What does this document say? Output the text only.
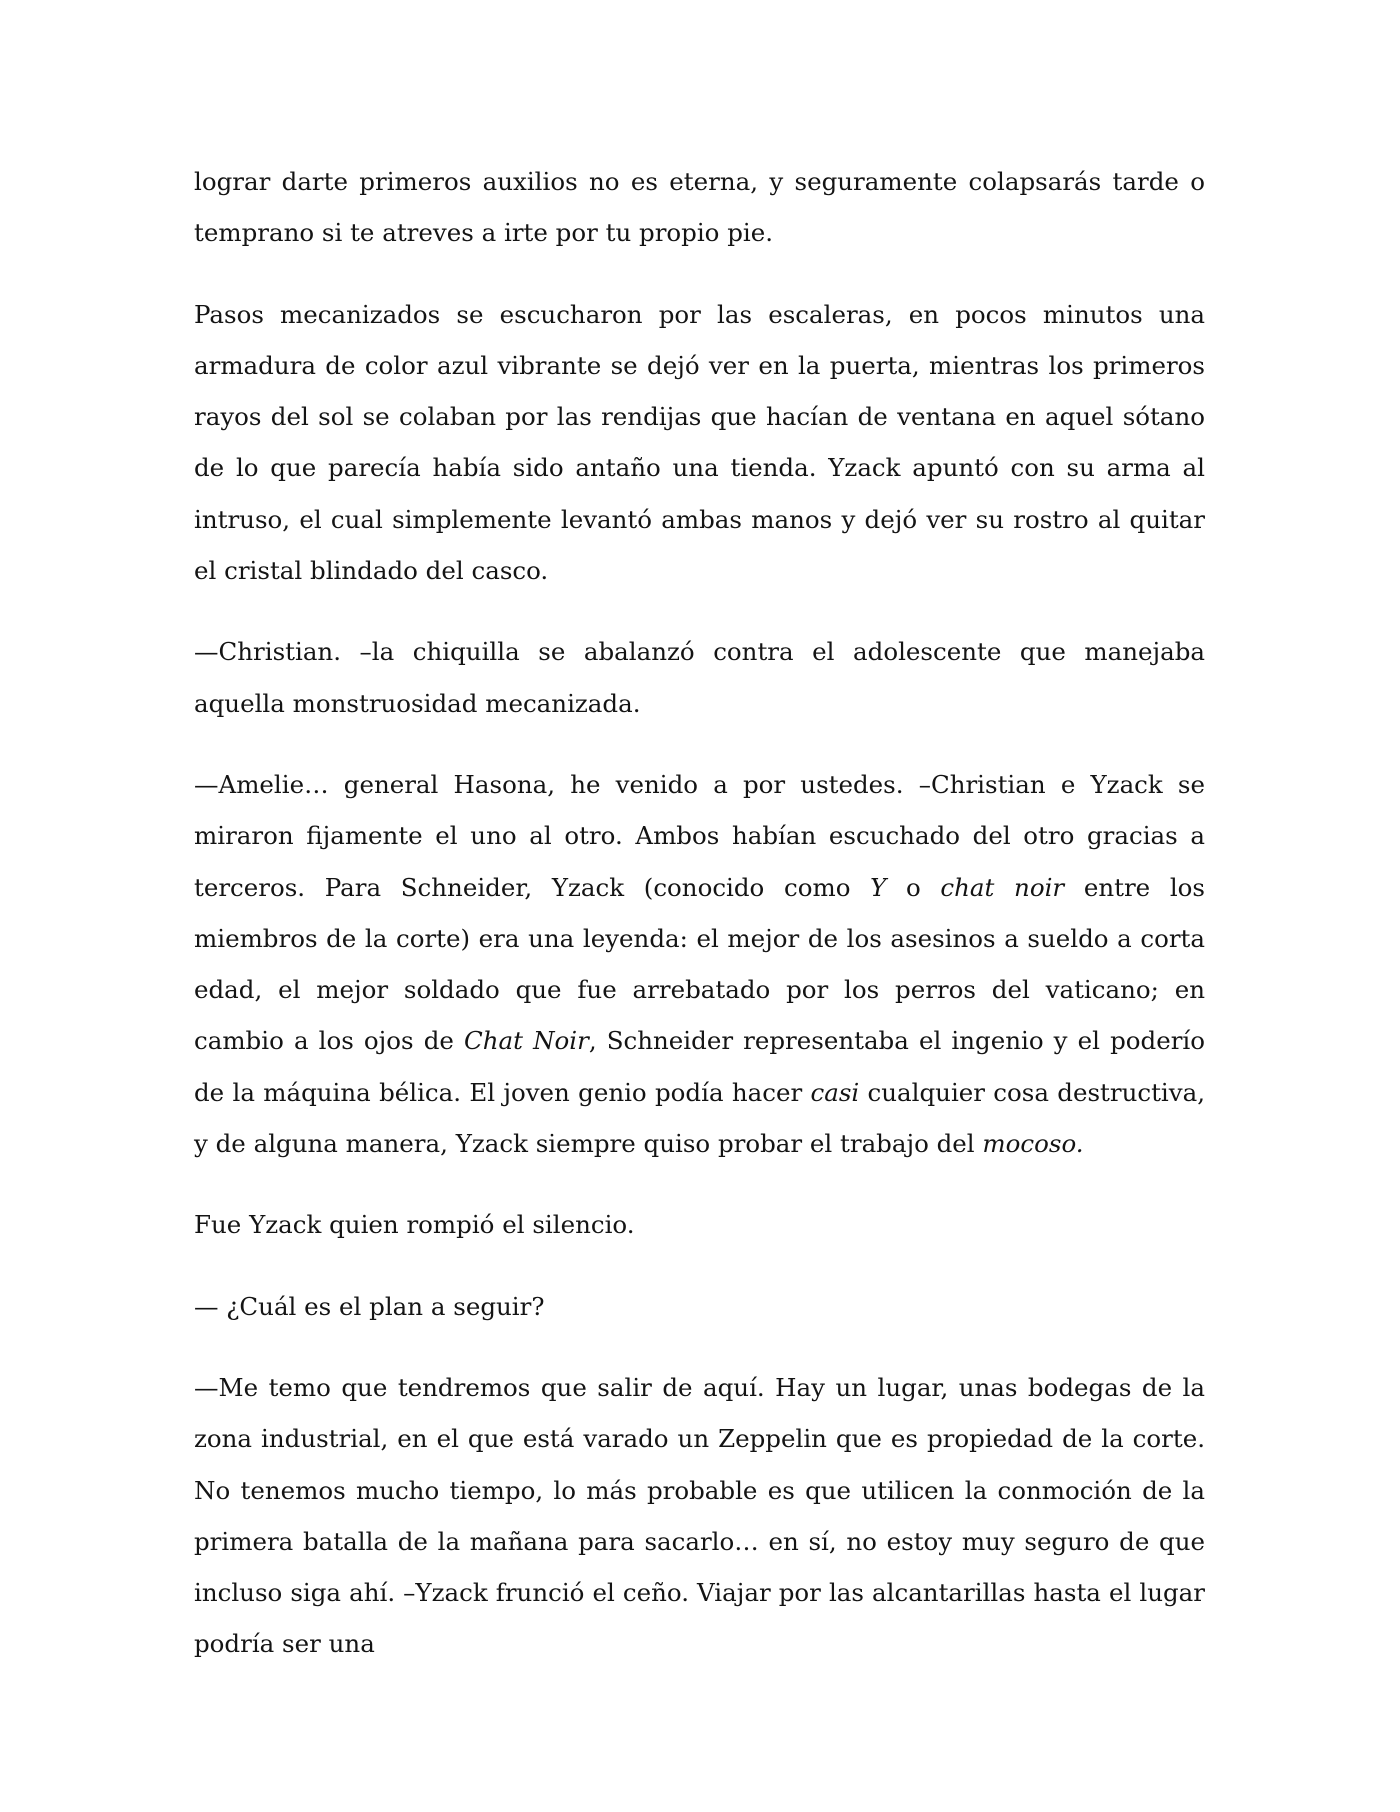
lograr darte primeros auxilios no es eterna, y seguramente colapsarás tarde o temprano si te atreves a irte por tu propio pie.

Pasos mecanizados se escucharon por las escaleras, en pocos minutos una armadura de color azul vibrante se dejó ver en la puerta, mientras los primeros rayos del sol se colaban por las rendijas que hacían de ventana en aquel sótano de lo que parecía había sido antaño una tienda. Yzack apuntó con su arma al intruso, el cual simplemente levantó ambas manos y dejó ver su rostro al quitar el cristal blindado del casco.

—Christian. –la chiquilla se abalanzó contra el adolescente que manejaba aquella monstruosidad mecanizada.

—Amelie… general Hasona, he venido a por ustedes. –Christian e Yzack se miraron fijamente el uno al otro. Ambos habían escuchado del otro gracias a terceros. Para Schneider, Yzack (conocido como Y o chat noir entre los miembros de la corte) era una leyenda: el mejor de los asesinos a sueldo a corta edad, el mejor soldado que fue arrebatado por los perros del vaticano; en cambio a los ojos de Chat Noir, Schneider representaba el ingenio y el poderío de la máquina bélica. El joven genio podía hacer casi cualquier cosa destructiva, y de alguna manera, Yzack siempre quiso probar el trabajo del mocoso.

Fue Yzack quien rompió el silencio.

— ¿Cuál es el plan a seguir?

—Me temo que tendremos que salir de aquí. Hay un lugar, unas bodegas de la zona industrial, en el que está varado un Zeppelin que es propiedad de la corte. No tenemos mucho tiempo, lo más probable es que utilicen la conmoción de la primera batalla de la mañana para sacarlo… en sí, no estoy muy seguro de que incluso siga ahí. –Yzack frunció el ceño. Viajar por las alcantarillas hasta el lugar podría ser una
